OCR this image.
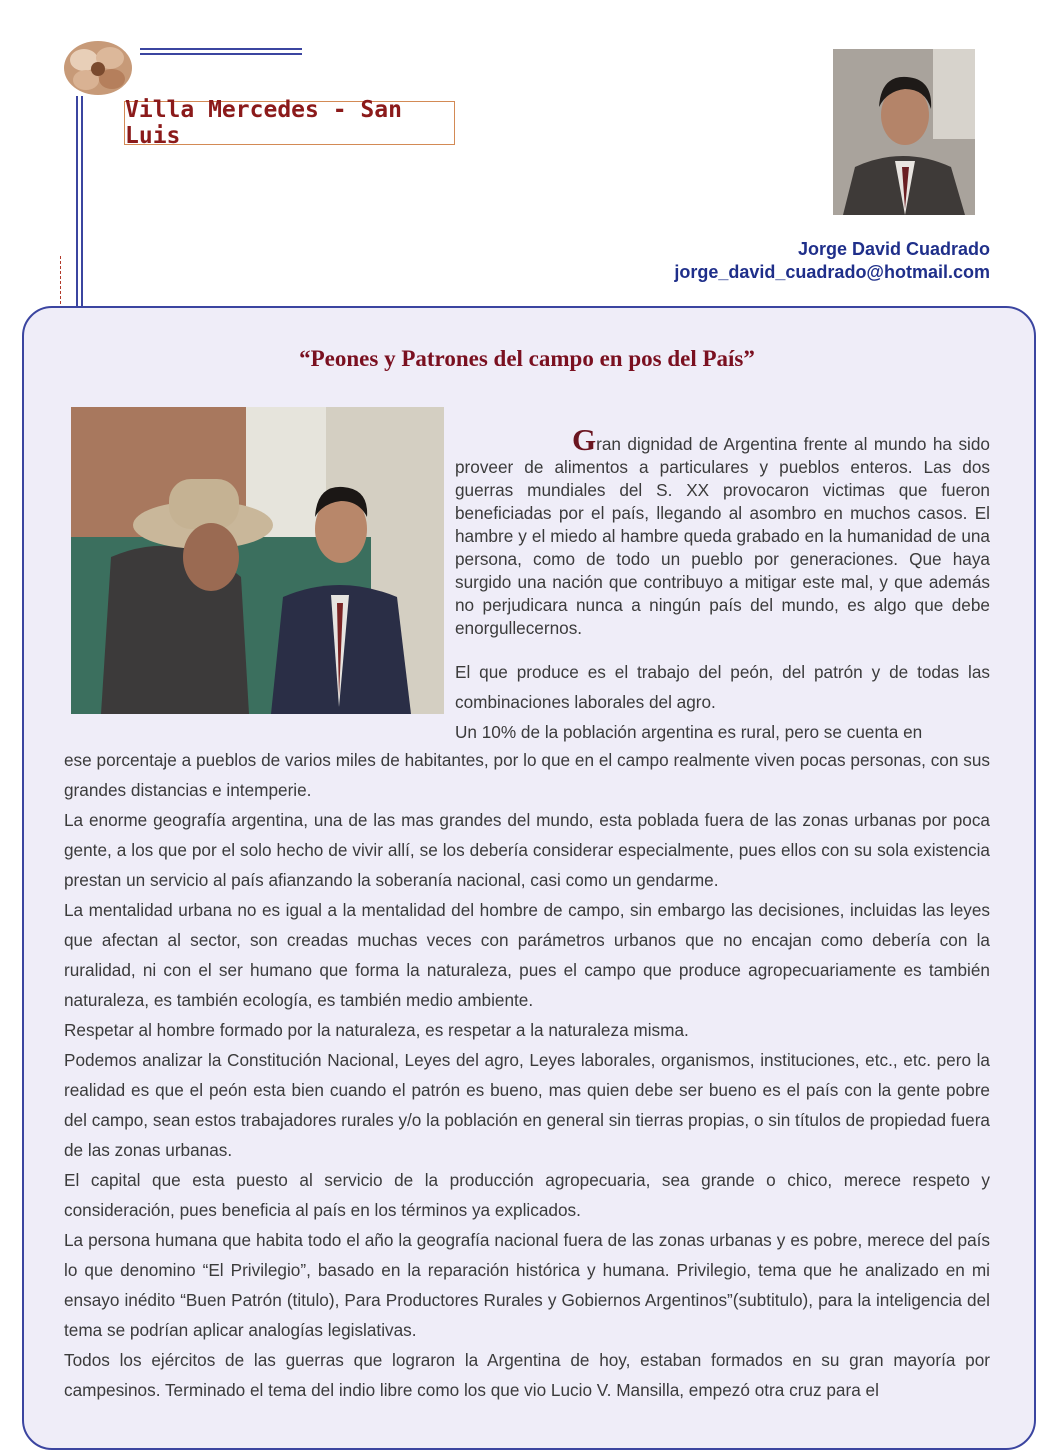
Villa Mercedes - San Luis
Jorge David Cuadrado
jorge_david_cuadrado@hotmail.com
“Peones y Patrones del campo en pos del País”

Gran dignidad de Argentina frente al mundo ha sido proveer de alimentos a particulares y pueblos enteros. Las dos guerras mundiales del S. XX provocaron victimas que fueron beneficiadas por el país, llegando al asombro en muchos casos. El hambre y el miedo al hambre queda grabado en la humanidad de una persona, como de todo un pueblo por generaciones. Que haya surgido una nación que contribuyo a mitigar este mal, y que además no perjudicara nunca a ningún país del mundo, es algo que debe enorgullecernos.

El que produce es el trabajo del peón, del patrón y de todas las combinaciones laborales del agro.

Un 10% de la población argentina es rural, pero se cuenta en

ese porcentaje a pueblos de varios miles de habitantes, por lo que en el campo realmente viven pocas personas, con sus grandes distancias e intemperie.

La enorme geografía argentina, una de las mas grandes del mundo, esta poblada fuera de las zonas urbanas por poca gente, a los que por el solo hecho de vivir allí, se los debería considerar especialmente, pues ellos con su sola existencia prestan un servicio al país afianzando la soberanía nacional, casi como un gendarme.

La mentalidad urbana no es igual a la mentalidad del hombre de campo, sin embargo las decisiones, incluidas las leyes que afectan al sector, son creadas muchas veces con parámetros urbanos que no encajan como debería con la ruralidad, ni con el ser humano que forma la naturaleza, pues el campo que produce agropecuariamente es también naturaleza, es también ecología, es también medio ambiente.

Respetar al hombre formado por la naturaleza, es respetar a la naturaleza misma.

Podemos analizar la Constitución Nacional, Leyes del agro, Leyes laborales, organismos, instituciones, etc., etc. pero la realidad es que el peón esta bien cuando el patrón es bueno, mas quien debe ser bueno es el país con la gente pobre del campo, sean estos trabajadores rurales y/o la población en general sin tierras propias, o sin títulos de propiedad fuera de las zonas urbanas.

El capital que esta puesto al servicio de la producción agropecuaria, sea grande o chico, merece respeto y consideración, pues beneficia al país en los términos ya explicados.

La persona humana que habita todo el año la geografía nacional fuera de las zonas urbanas y es pobre, merece del país lo que denomino “El Privilegio”, basado en la reparación histórica y humana. Privilegio, tema que he analizado en mi ensayo inédito “Buen Patrón (titulo), Para Productores Rurales y Gobiernos Argentinos”(subtitulo), para la inteligencia del tema se podrían aplicar analogías legislativas.

Todos los ejércitos de las guerras que lograron la Argentina de hoy, estaban formados en su gran mayoría por campesinos. Terminado el tema del indio libre como los que vio Lucio V. Mansilla, empezó otra cruz para el
